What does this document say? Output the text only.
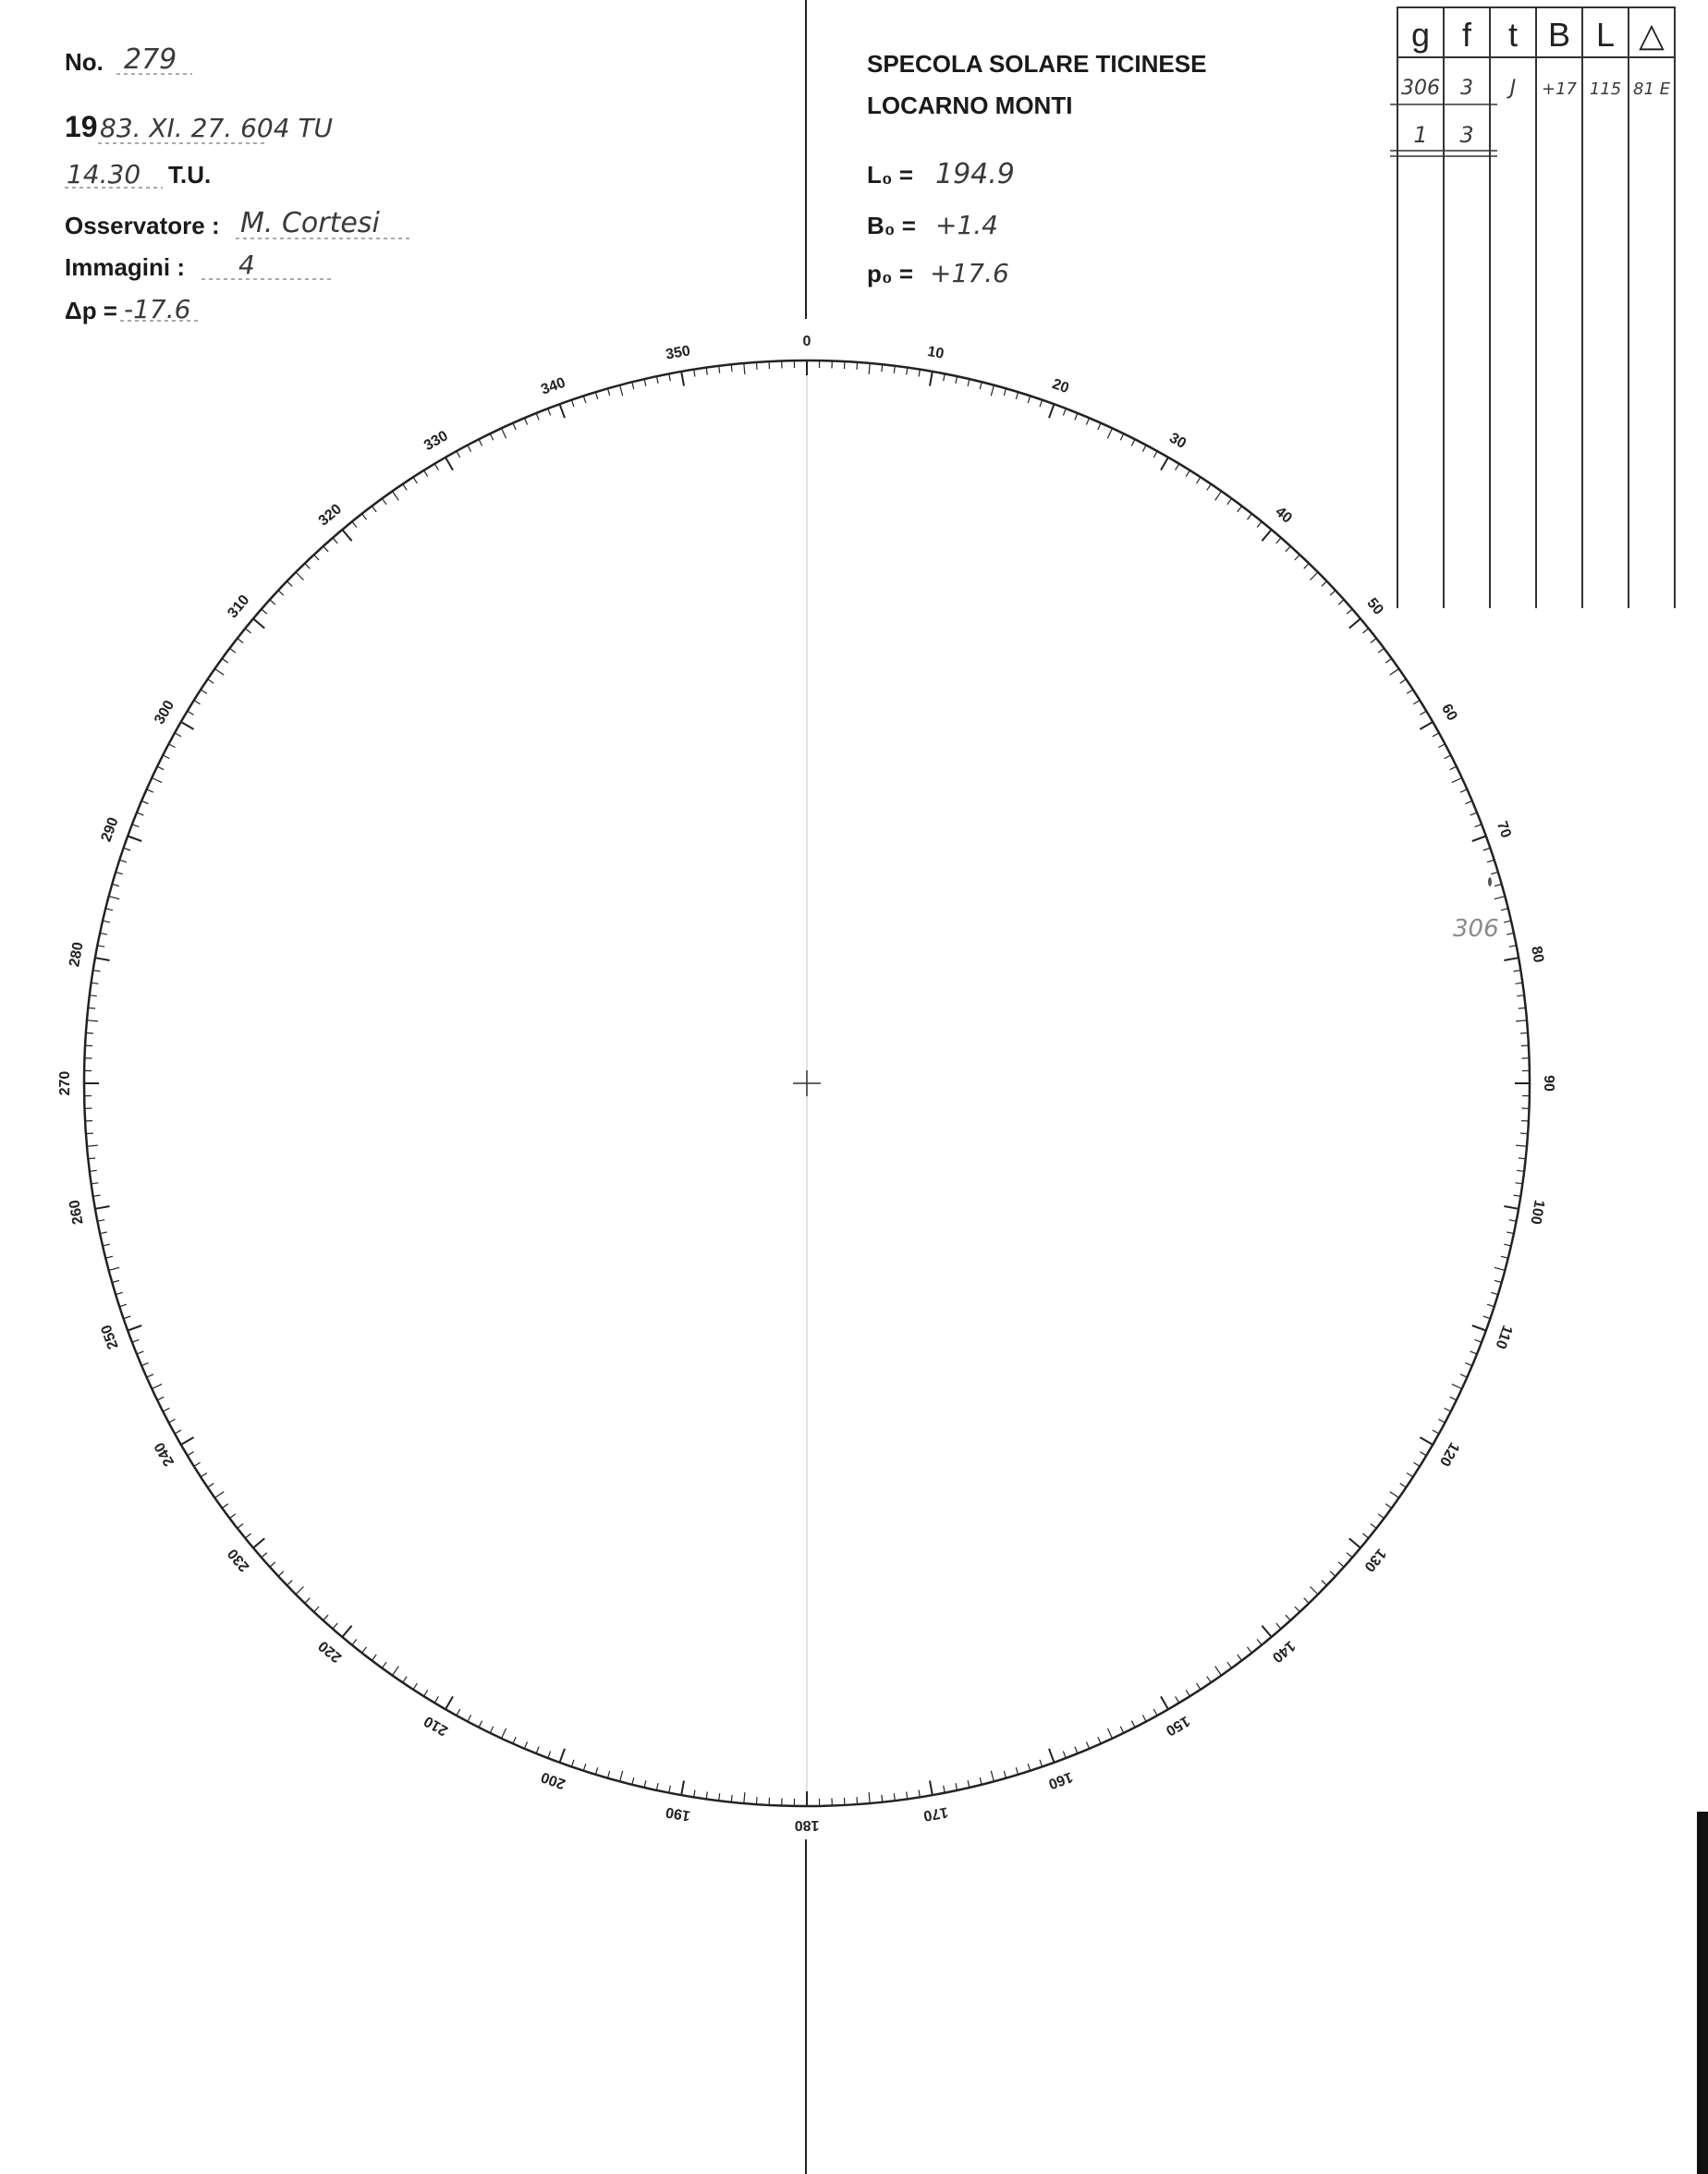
No. 279
19 83. XI. 27. 604 TU
14.30 T.U.
Osservatore : M. Cortesi
Immagini : 4
Δp = -17.6
SPECOLA SOLARE TICINESE
LOCARNO MONTI
L₀ = 194.9
B₀ = +1.4
p₀ = +17.6
g f t B L △
306 3 J +17 115 81 E
1 3
0
10
20
30
40
50
60
70
80
90
100
110
120
130
140
150
160
170
180
190
200
210
220
230
240
250
260
270
280
290
300
310
320
330
340
350
306
